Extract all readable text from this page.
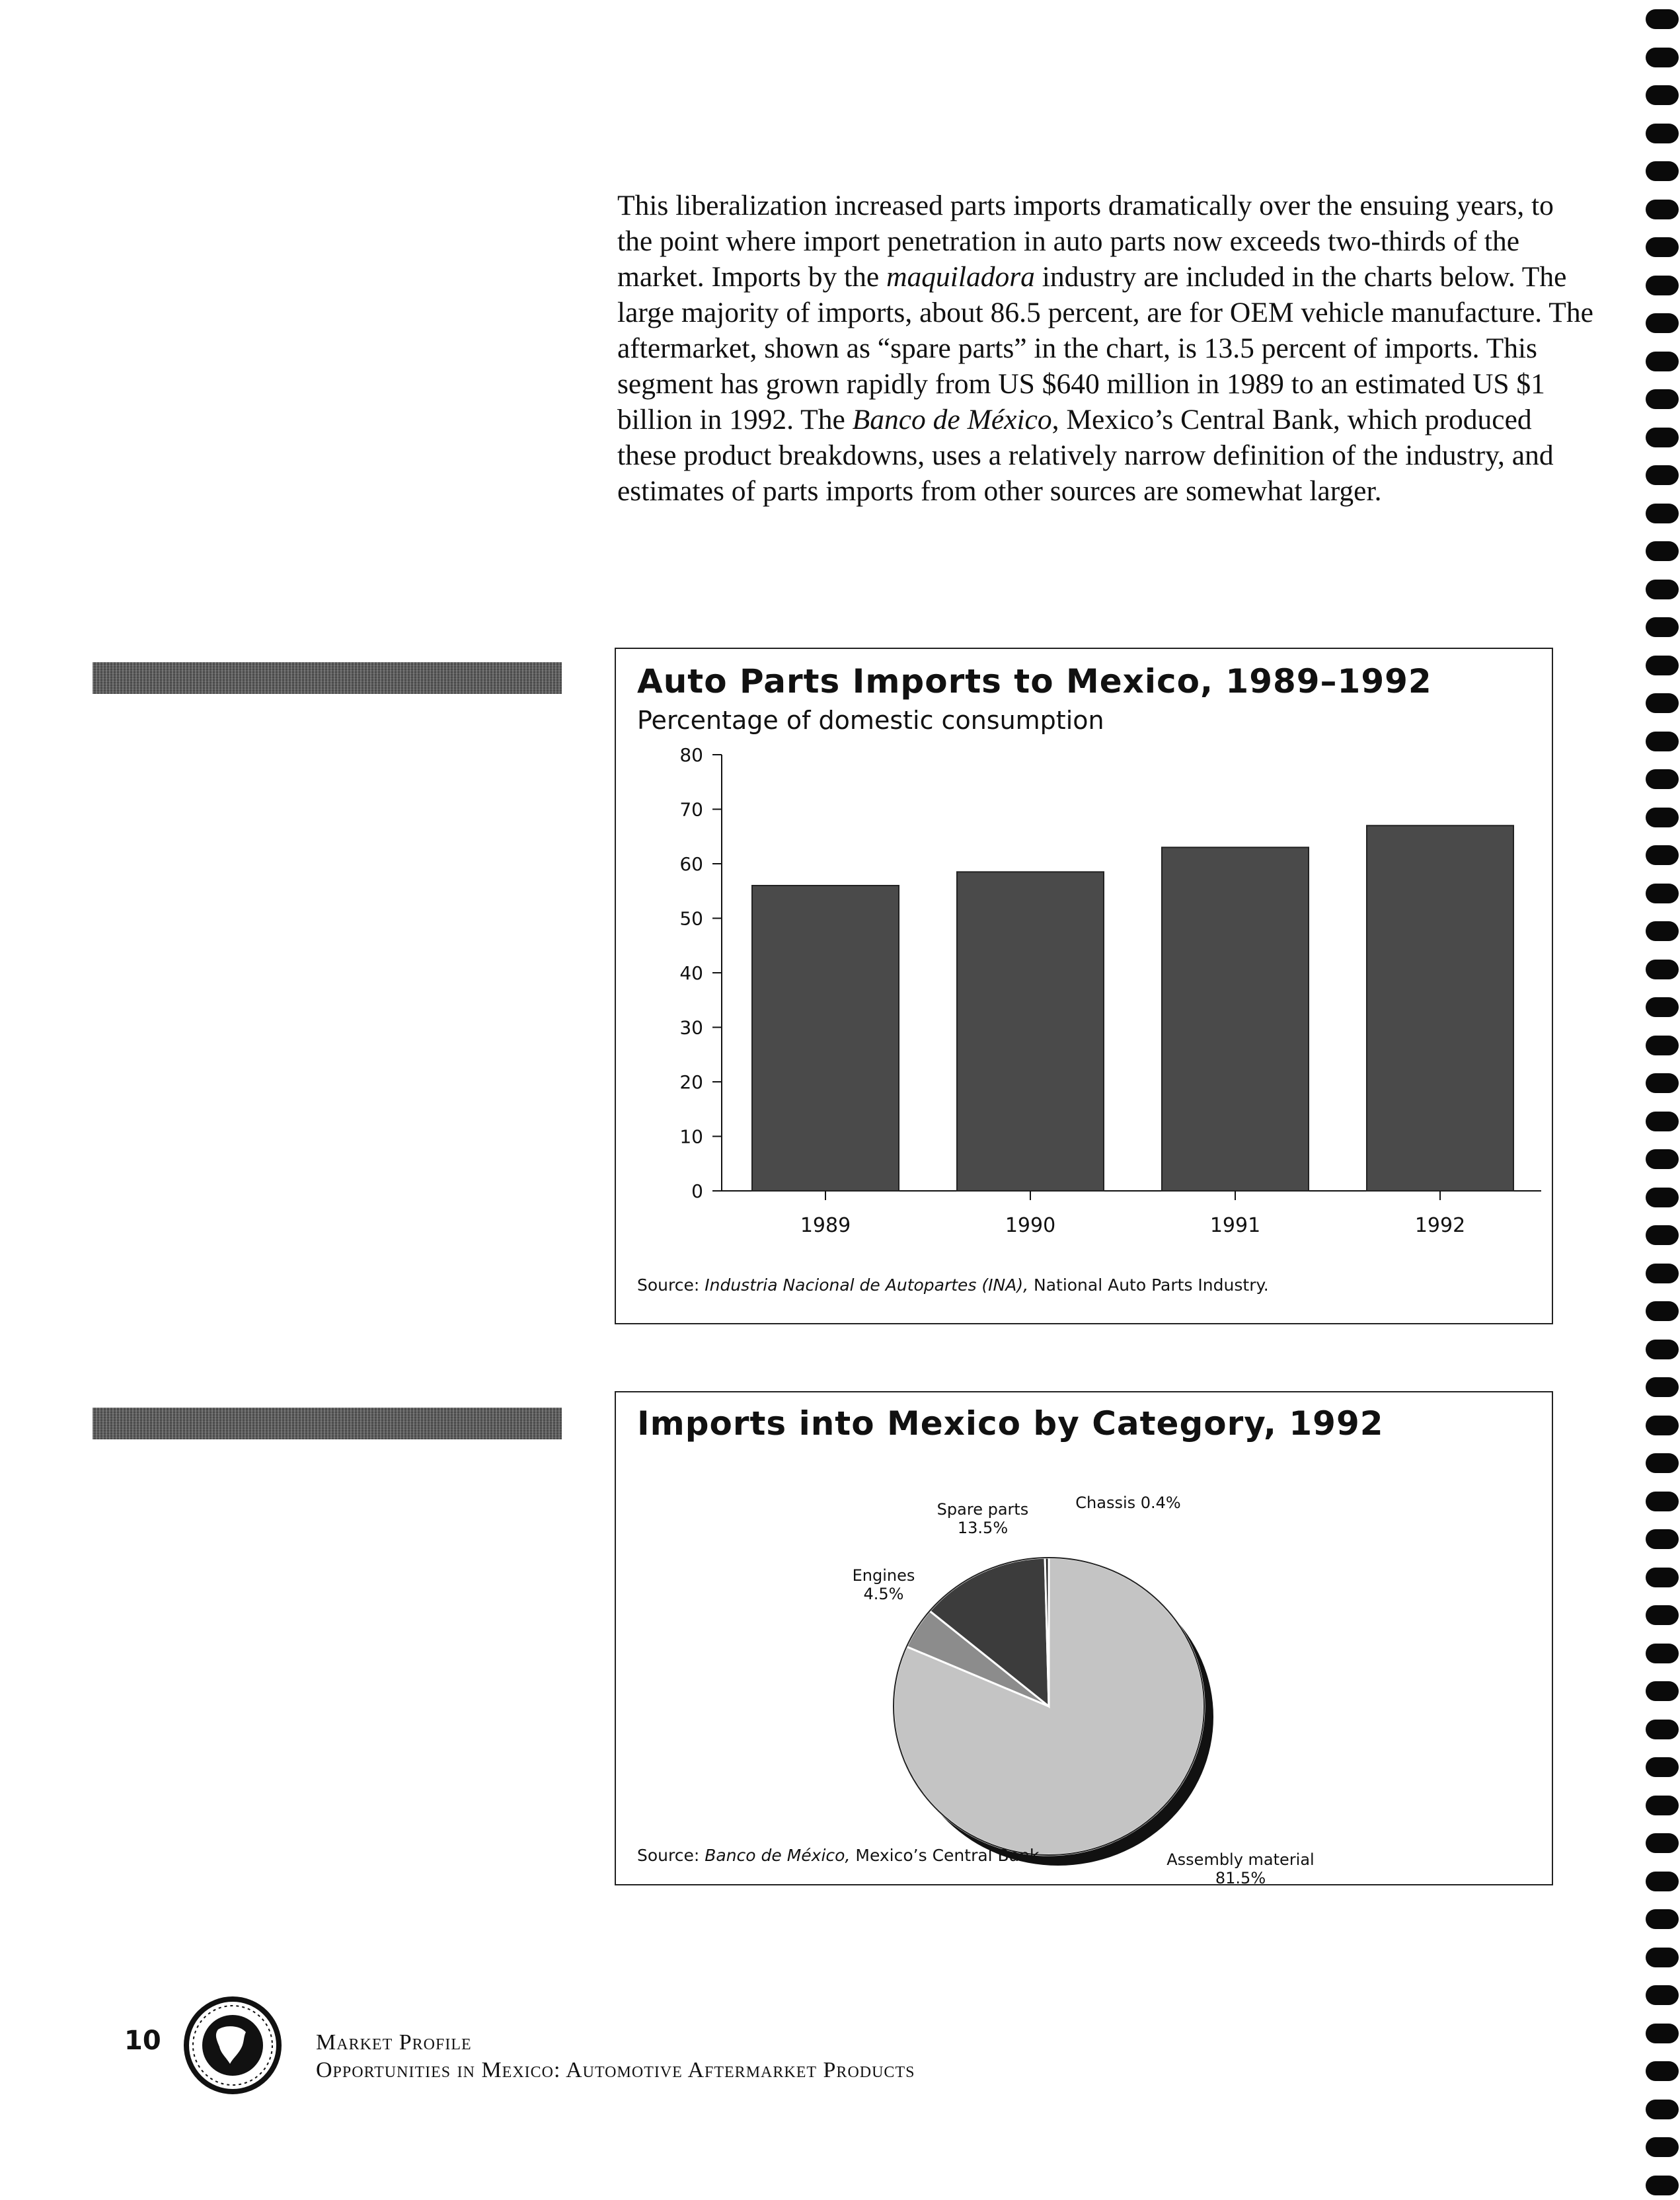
This liberalization increased parts imports dramatically over the ensuing years, to the point where import penetration in auto parts now exceeds two-thirds of the market. Imports by the maquiladora industry are included in the charts below. The large majority of imports, about 86.5 percent, are for OEM vehicle manufacture. The aftermarket, shown as “spare parts” in the chart, is 13.5 percent of imports. This segment has grown rapidly from US $640 million in 1989 to an estimated US $1 billion in 1992. The Banco de México, Mexico’s Central Bank, which produced these product breakdowns, uses a relatively narrow definition of the industry, and estimates of parts imports from other sources are somewhat larger.

Auto Parts Imports to Mexico, 1989–1992
Percentage of domestic consumption
0
10
20
30
40
50
60
70
80
1989	1990	1991	1992
Source: Industria Nacional de Autopartes (INA), National Auto Parts Industry.
Imports into Mexico by Category, 1992
Assembly material 81.5%
Engines 4.5%
Spare parts 13.5%
Chassis 0.4%
Source: Banco de México, Mexico’s Central Bank.
10	Market Profile
Opportunities in Mexico: Automotive Aftermarket Products
